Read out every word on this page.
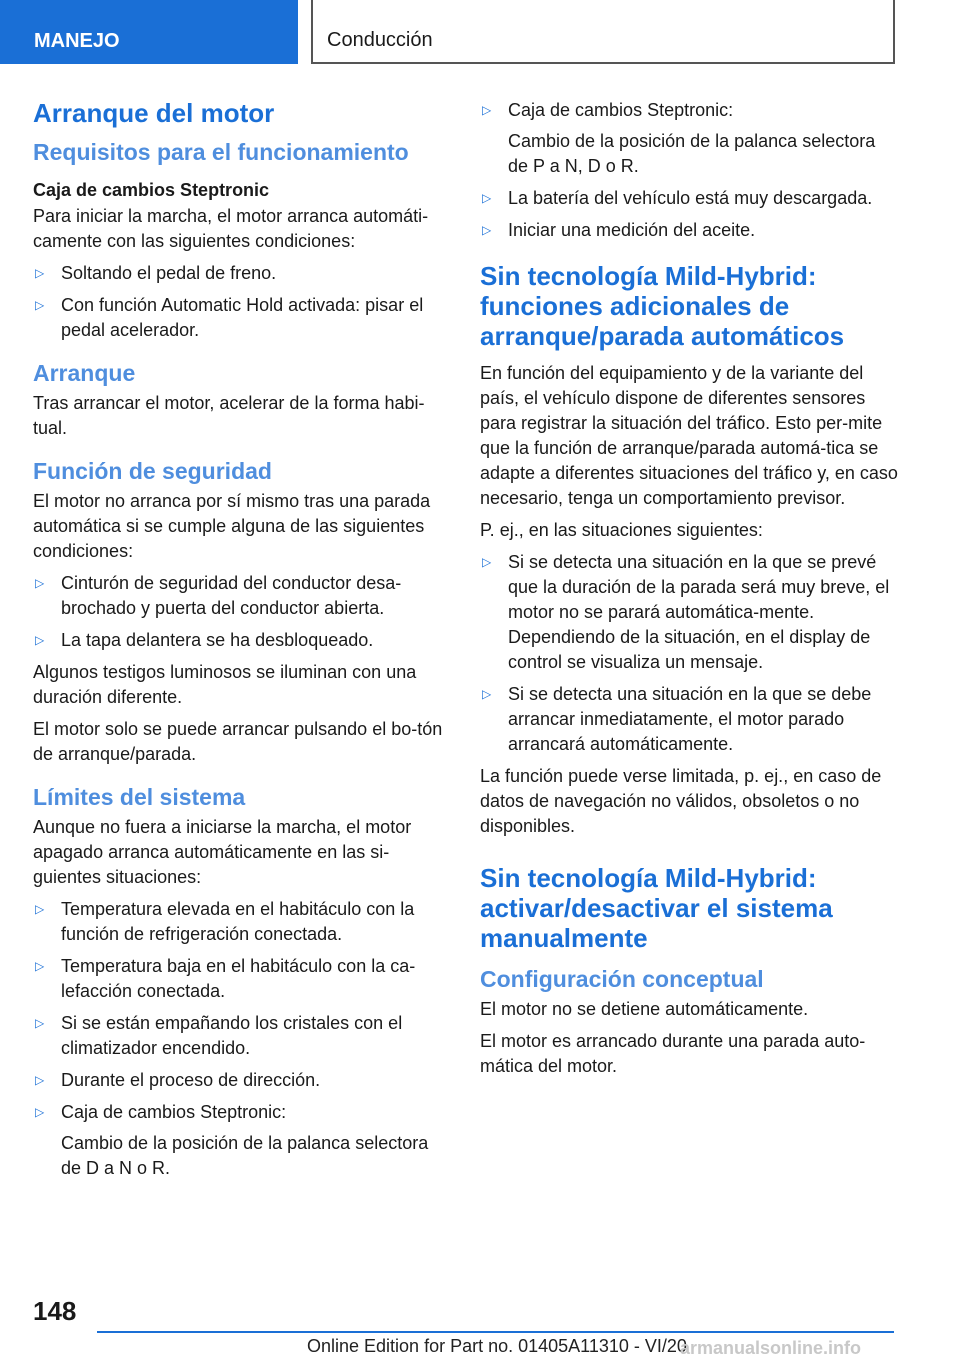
MANEJO	Conducción
Arranque del motor
Requisitos para el funcionamiento
Caja de cambios Steptronic

Para iniciar la marcha, el motor arranca automáti-camente con las siguientes condiciones:

▷ Soltando el pedal de freno.
▷ Con función Automatic Hold activada: pisar el pedal acelerador.
Arranque

Tras arrancar el motor, acelerar de la forma habi-tual.

Función de seguridad

El motor no arranca por sí mismo tras una parada automática si se cumple alguna de las siguientes condiciones:

▷ Cinturón de seguridad del conductor desa-brochado y puerta del conductor abierta.
▷ La tapa delantera se ha desbloqueado.

Algunos testigos luminosos se iluminan con una duración diferente.

El motor solo se puede arrancar pulsando el bo-tón de arranque/parada.

Límites del sistema

Aunque no fuera a iniciarse la marcha, el motor apagado arranca automáticamente en las si-guientes situaciones:

▷ Temperatura elevada en el habitáculo con la función de refrigeración conectada.
▷ Temperatura baja en el habitáculo con la ca-lefacción conectada.
▷ Si se están empañando los cristales con el climatizador encendido.
▷ Durante el proceso de dirección.
▷ Caja de cambios Steptronic:

Cambio de la posición de la palanca selectora de D a N o R.

▷ Caja de cambios Steptronic:

Cambio de la posición de la palanca selectora de P a N, D o R.

▷ La batería del vehículo está muy descargada.
▷ Iniciar una medición del aceite.
Sin tecnología Mild-Hybrid: funciones adicionales de arranque/parada automáticos

En función del equipamiento y de la variante del país, el vehículo dispone de diferentes sensores para registrar la situación del tráfico. Esto per-mite que la función de arranque/parada automá-tica se adapte a diferentes situaciones del tráfico y, en caso necesario, tenga un comportamiento previsor.

P. ej., en las situaciones siguientes:

▷ Si se detecta una situación en la que se prevé que la duración de la parada será muy breve, el motor no se parará automática-mente. Dependiendo de la situación, en el display de control se visualiza un mensaje.
▷ Si se detecta una situación en la que se debe arrancar inmediatamente, el motor parado arrancará automáticamente.

La función puede verse limitada, p. ej., en caso de datos de navegación no válidos, obsoletos o no disponibles.

Sin tecnología Mild-Hybrid: activar/desactivar el sistema manualmente
Configuración conceptual

El motor no se detiene automáticamente.

El motor es arrancado durante una parada auto-mática del motor.

148
Online Edition for Part no. 01405A11310 - VI/20
armanualsonline.info
